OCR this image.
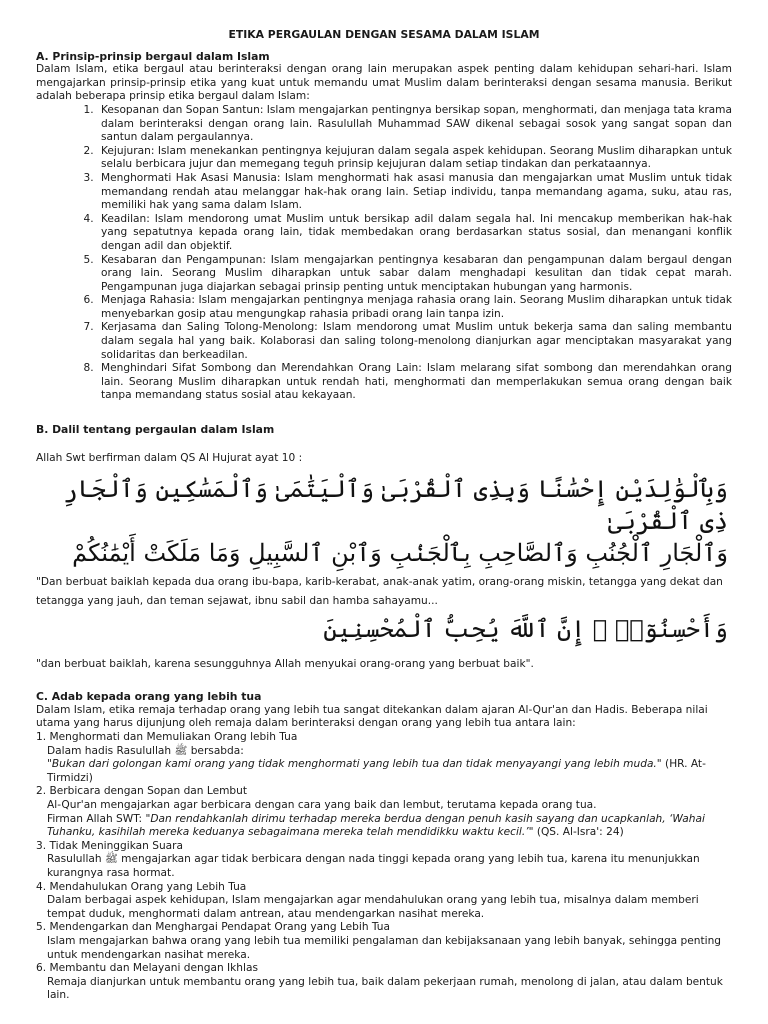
ETIKA PERGAULAN DENGAN SESAMA DALAM ISLAM
A. Prinsip-prinsip bergaul dalam Islam

Dalam Islam, etika bergaul atau berinteraksi dengan orang lain merupakan aspek penting dalam kehidupan sehari-hari. Islam mengajarkan prinsip-prinsip etika yang kuat untuk memandu umat Muslim dalam berinteraksi dengan sesama manusia. Berikut adalah beberapa prinsip etika bergaul dalam Islam:

1. Kesopanan dan Sopan Santun: Islam mengajarkan pentingnya bersikap sopan, menghormati, dan menjaga tata krama dalam berinteraksi dengan orang lain. Rasulullah Muhammad SAW dikenal sebagai sosok yang sangat sopan dan santun dalam pergaulannya.
2. Kejujuran: Islam menekankan pentingnya kejujuran dalam segala aspek kehidupan. Seorang Muslim diharapkan untuk selalu berbicara jujur dan memegang teguh prinsip kejujuran dalam setiap tindakan dan perkataannya.
3. Menghormati Hak Asasi Manusia: Islam menghormati hak asasi manusia dan mengajarkan umat Muslim untuk tidak memandang rendah atau melanggar hak-hak orang lain. Setiap individu, tanpa memandang agama, suku, atau ras, memiliki hak yang sama dalam Islam.
4. Keadilan: Islam mendorong umat Muslim untuk bersikap adil dalam segala hal. Ini mencakup memberikan hak-hak yang sepatutnya kepada orang lain, tidak membedakan orang berdasarkan status sosial, dan menangani konflik dengan adil dan objektif.
5. Kesabaran dan Pengampunan: Islam mengajarkan pentingnya kesabaran dan pengampunan dalam bergaul dengan orang lain. Seorang Muslim diharapkan untuk sabar dalam menghadapi kesulitan dan tidak cepat marah. Pengampunan juga diajarkan sebagai prinsip penting untuk menciptakan hubungan yang harmonis.
6. Menjaga Rahasia: Islam mengajarkan pentingnya menjaga rahasia orang lain. Seorang Muslim diharapkan untuk tidak menyebarkan gosip atau mengungkap rahasia pribadi orang lain tanpa izin.
7. Kerjasama dan Saling Tolong-Menolong: Islam mendorong umat Muslim untuk bekerja sama dan saling membantu dalam segala hal yang baik. Kolaborasi dan saling tolong-menolong dianjurkan agar menciptakan masyarakat yang solidaritas dan berkeadilan.
8. Menghindari Sifat Sombong dan Merendahkan Orang Lain: Islam melarang sifat sombong dan merendahkan orang lain. Seorang Muslim diharapkan untuk rendah hati, menghormati dan memperlakukan semua orang dengan baik tanpa memandang status sosial atau kekayaan.
B. Dalil tentang pergaulan dalam Islam

Allah Swt berfirman dalam QS Al Hujurat ayat 10 :

وَبِٱلْوَٰلِدَيْنِ إِحْسَٰنًا وَبِذِى ٱلْقُرْبَىٰ وَٱلْيَتَٰمَىٰ وَٱلْمَسَٰكِينِ وَٱلْجَارِ ذِى ٱلْقُرْبَىٰ
وَٱلْجَارِ ٱلْجُنُبِ وَٱلصَّاحِبِ بِٱلْجَنۢبِ وَٱبْنِ ٱلسَّبِيلِ وَمَا مَلَكَتْ أَيْمَٰنُكُمْ

"Dan berbuat baiklah kepada dua orang ibu-bapa, karib-kerabat, anak-anak yatim, orang-orang miskin, tetangga yang dekat dan tetangga yang jauh, dan teman sejawat, ibnu sabil dan hamba sahayamu...

وَأَحْسِنُوٓا۟ ۛ إِنَّ ٱللَّهَ يُحِبُّ ٱلْمُحْسِنِينَ

"dan berbuat baiklah, karena sesungguhnya Allah menyukai orang-orang yang berbuat baik".

C. Adab kepada orang yang lebih tua

Dalam Islam, etika remaja terhadap orang yang lebih tua sangat ditekankan dalam ajaran Al-Qur'an dan Hadis. Beberapa nilai utama yang harus dijunjung oleh remaja dalam berinteraksi dengan orang yang lebih tua antara lain:

1. Menghormati dan Memuliakan Orang lebih Tua
Dalam hadis Rasulullah ﷺ bersabda:
"Bukan dari golongan kami orang yang tidak menghormati yang lebih tua dan tidak menyayangi yang lebih muda." (HR. At-Tirmidzi)
2. Berbicara dengan Sopan dan Lembut
Al-Qur'an mengajarkan agar berbicara dengan cara yang baik dan lembut, terutama kepada orang tua.
Firman Allah SWT: "Dan rendahkanlah dirimu terhadap mereka berdua dengan penuh kasih sayang dan ucapkanlah, ‘Wahai Tuhanku, kasihilah mereka keduanya sebagaimana mereka telah mendidikku waktu kecil.’" (QS. Al-Isra': 24)
3. Tidak Meninggikan Suara
Rasulullah ﷺ mengajarkan agar tidak berbicara dengan nada tinggi kepada orang yang lebih tua, karena itu menunjukkan kurangnya rasa hormat.
4. Mendahulukan Orang yang Lebih Tua
Dalam berbagai aspek kehidupan, Islam mengajarkan agar mendahulukan orang yang lebih tua, misalnya dalam memberi tempat duduk, menghormati dalam antrean, atau mendengarkan nasihat mereka.
5. Mendengarkan dan Menghargai Pendapat Orang yang Lebih Tua
Islam mengajarkan bahwa orang yang lebih tua memiliki pengalaman dan kebijaksanaan yang lebih banyak, sehingga penting untuk mendengarkan nasihat mereka.
6. Membantu dan Melayani dengan Ikhlas
Remaja dianjurkan untuk membantu orang yang lebih tua, baik dalam pekerjaan rumah, menolong di jalan, atau dalam bentuk lain.
